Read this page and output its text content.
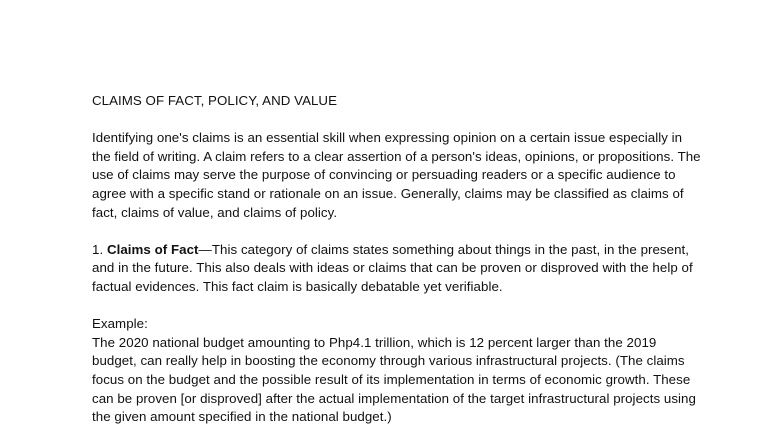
CLAIMS OF FACT, POLICY, AND VALUE

Identifying one's claims is an essential skill when expressing opinion on a certain issue especially in the field of writing. A claim refers to a clear assertion of a person's ideas, opinions, or propositions. The use of claims may serve the purpose of convincing or persuading readers or a specific audience to agree with a specific stand or rationale on an issue. Generally, claims may be classified as claims of fact, claims of value, and claims of policy.

1. Claims of Fact—This category of claims states something about things in the past, in the present, and in the future. This also deals with ideas or claims that can be proven or disproved with the help of factual evidences. This fact claim is basically debatable yet verifiable.

Example:

The 2020 national budget amounting to Php4.1 trillion, which is 12 percent larger than the 2019 budget, can really help in boosting the economy through various infrastructural projects. (The claims focus on the budget and the possible result of its implementation in terms of economic growth. These can be proven [or disproved] after the actual implementation of the target infrastructural projects using the given amount specified in the national budget.)
